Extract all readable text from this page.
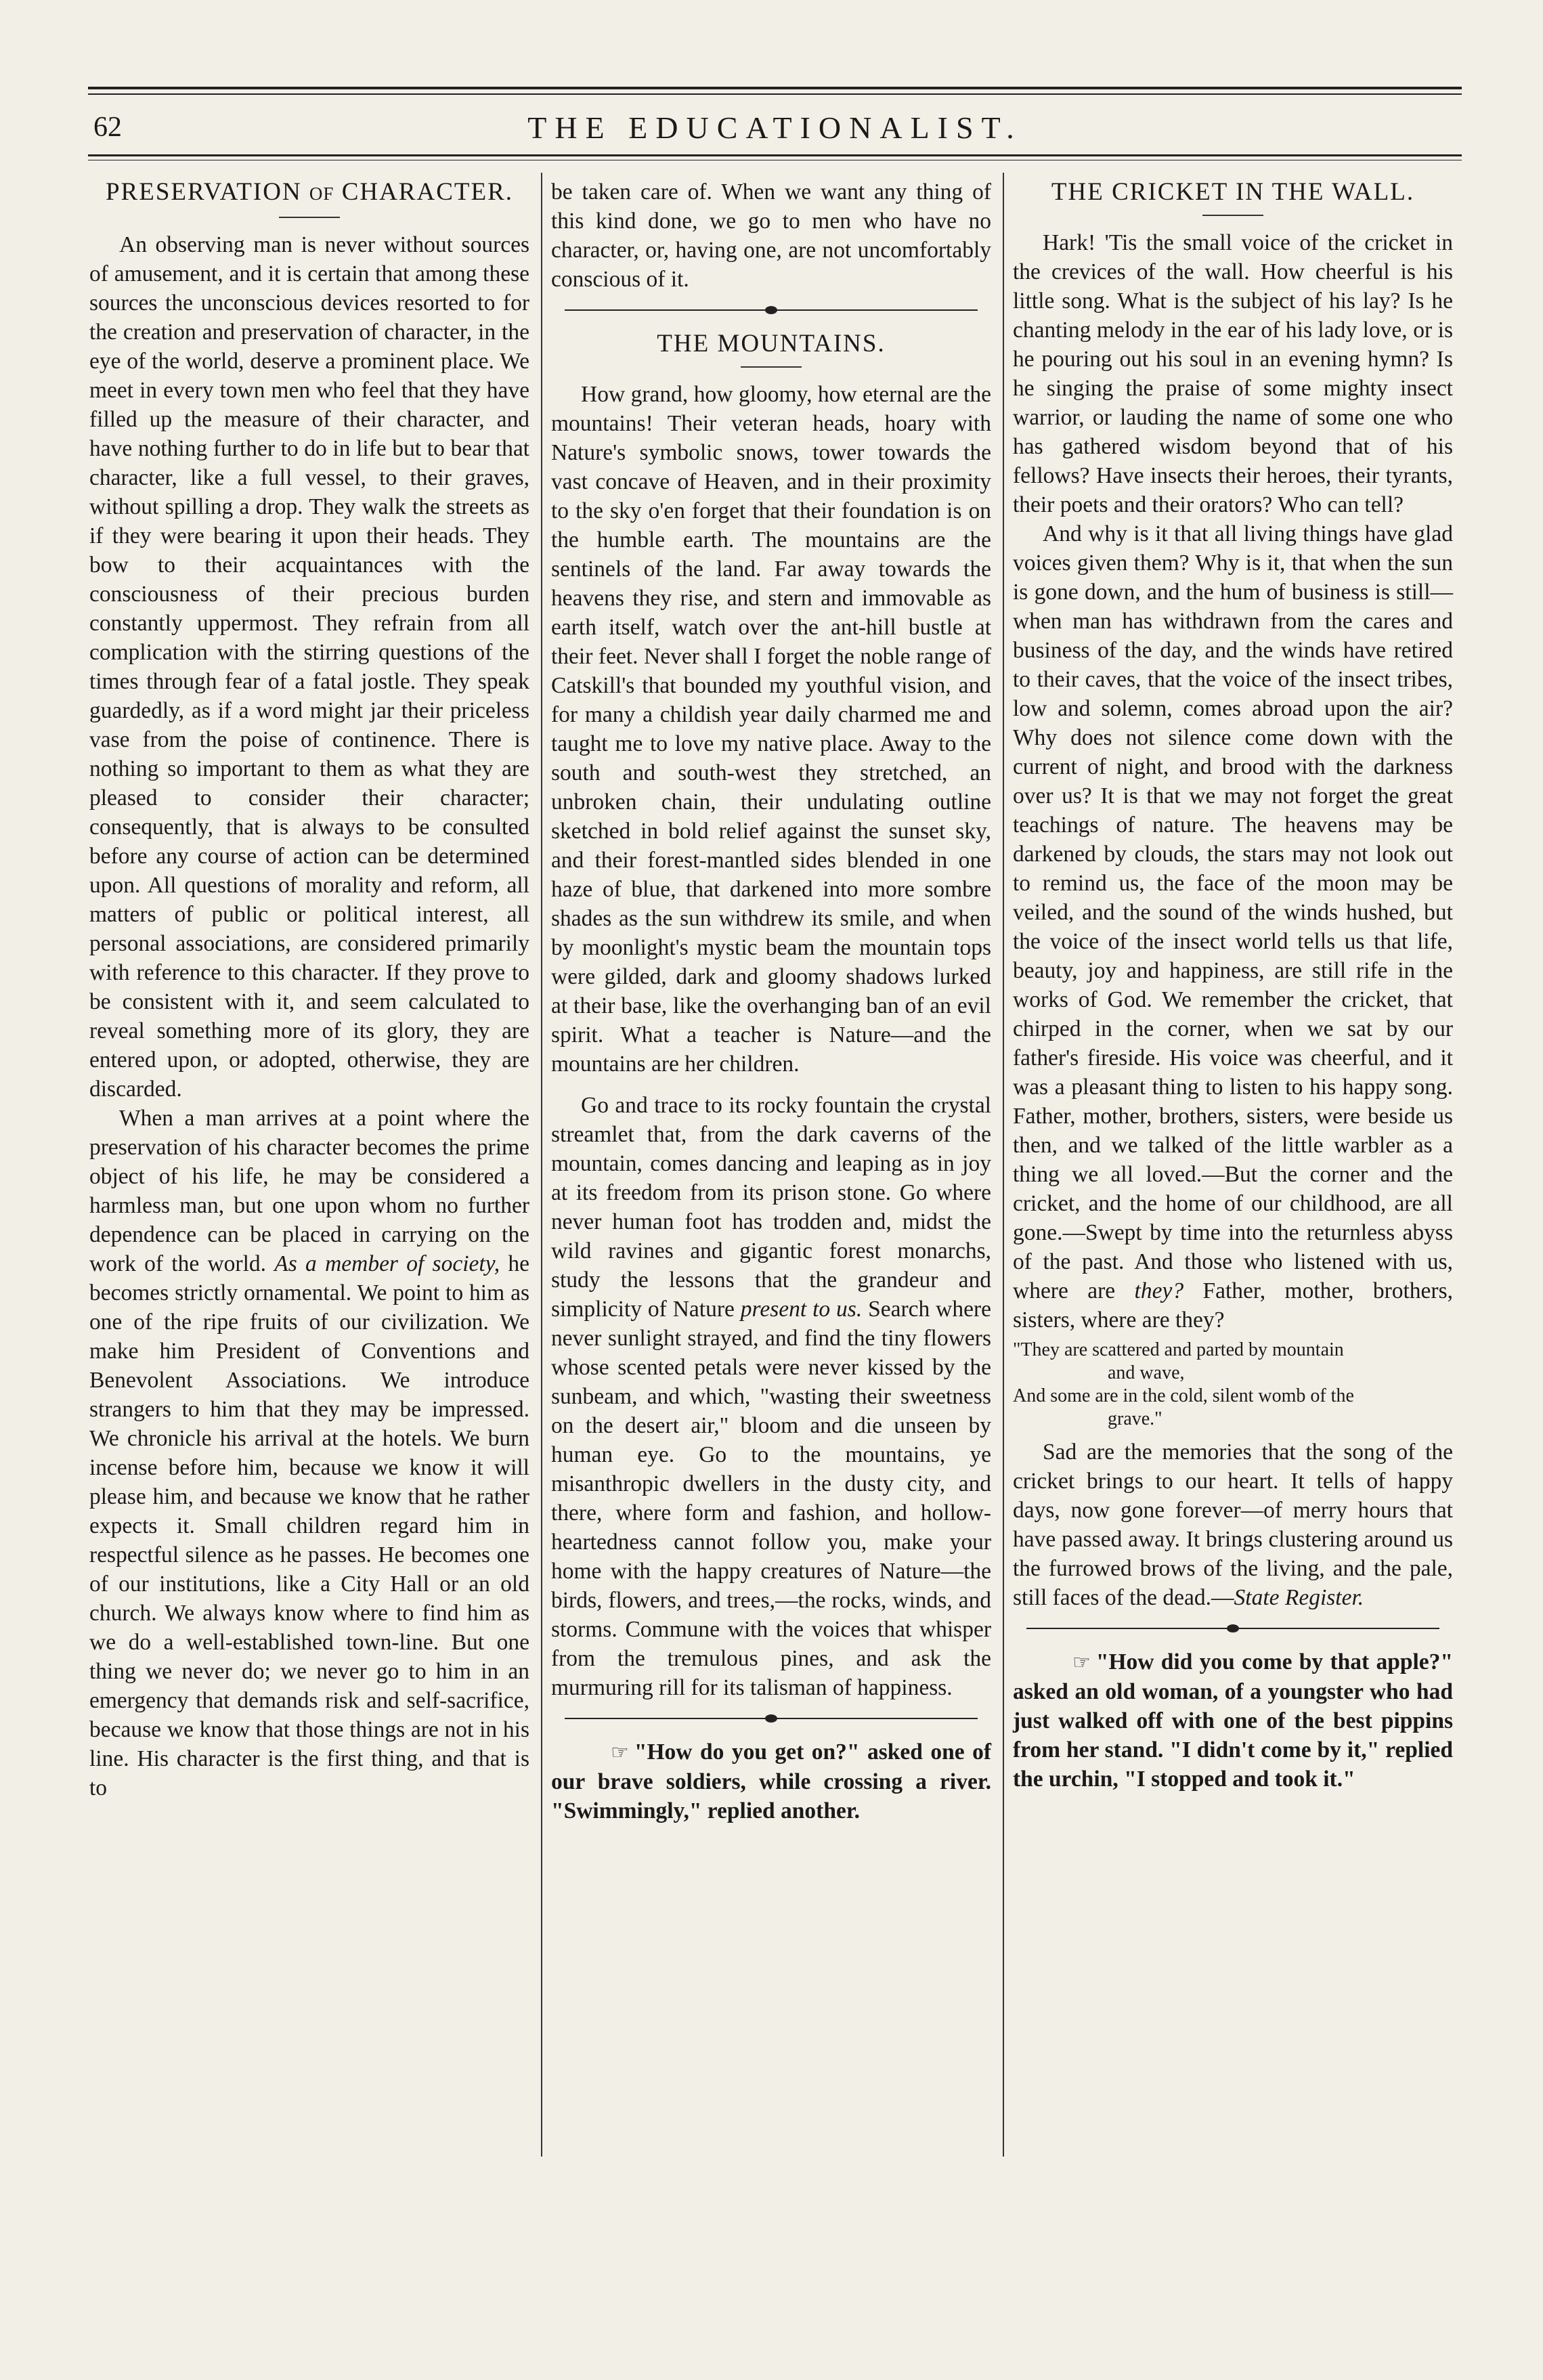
62	THE EDUCATIONALIST.
PRESERVATION OF CHARACTER.

An observing man is never without sources of amusement, and it is certain that among these sources the unconscious devices resorted to for the creation and preservation of character, in the eye of the world, deserve a prominent place. We meet in every town men who feel that they have filled up the measure of their character, and have nothing further to do in life but to bear that character, like a full vessel, to their graves, without spilling a drop. They walk the streets as if they were bearing it upon their heads. They bow to their acquaintances with the consciousness of their precious burden constantly uppermost. They refrain from all complication with the stirring questions of the times through fear of a fatal jostle. They speak guardedly, as if a word might jar their priceless vase from the poise of continence. There is nothing so important to them as what they are pleased to consider their character; consequently, that is always to be consulted before any course of action can be determined upon. All questions of morality and reform, all matters of public or political interest, all personal associations, are considered primarily with reference to this character. If they prove to be consistent with it, and seem calculated to reveal something more of its glory, they are entered upon, or adopted, otherwise, they are discarded.

When a man arrives at a point where the preservation of his character becomes the prime object of his life, he may be considered a harmless man, but one upon whom no further dependence can be placed in carrying on the work of the world. As a member of society, he becomes strictly ornamental. We point to him as one of the ripe fruits of our civilization. We make him President of Conventions and Benevolent Associations. We introduce strangers to him that they may be impressed. We chronicle his arrival at the hotels. We burn incense before him, because we know it will please him, and because we know that he rather expects it. Small children regard him in respectful silence as he passes. He becomes one of our institutions, like a City Hall or an old church. We always know where to find him as we do a well-established town-line. But one thing we never do; we never go to him in an emergency that demands risk and self-sacrifice, because we know that those things are not in his line. His character is the first thing, and that is to

be taken care of. When we want any thing of this kind done, we go to men who have no character, or, having one, are not uncomfortably conscious of it.

THE MOUNTAINS.

How grand, how gloomy, how eternal are the mountains! Their veteran heads, hoary with Nature's symbolic snows, tower towards the vast concave of Heaven, and in their proximity to the sky o'en forget that their foundation is on the humble earth. The mountains are the sentinels of the land. Far away towards the heavens they rise, and stern and immovable as earth itself, watch over the ant-hill bustle at their feet. Never shall I forget the noble range of Catskill's that bounded my youthful vision, and for many a childish year daily charmed me and taught me to love my native place. Away to the south and south-west they stretched, an unbroken chain, their undulating outline sketched in bold relief against the sunset sky, and their forest-mantled sides blended in one haze of blue, that darkened into more sombre shades as the sun withdrew its smile, and when by moonlight's mystic beam the mountain tops were gilded, dark and gloomy shadows lurked at their base, like the overhanging ban of an evil spirit. What a teacher is Nature—and the mountains are her children.

Go and trace to its rocky fountain the crystal streamlet that, from the dark caverns of the mountain, comes dancing and leaping as in joy at its freedom from its prison stone. Go where never human foot has trodden and, midst the wild ravines and gigantic forest monarchs, study the lessons that the grandeur and simplicity of Nature present to us. Search where never sunlight strayed, and find the tiny flowers whose scented petals were never kissed by the sunbeam, and which, "wasting their sweetness on the desert air," bloom and die unseen by human eye. Go to the mountains, ye misanthropic dwellers in the dusty city, and there, where form and fashion, and hollow-heartedness cannot follow you, make your home with the happy creatures of Nature—the birds, flowers, and trees,—the rocks, winds, and storms. Commune with the voices that whisper from the tremulous pines, and ask the murmuring rill for its talisman of happiness.

☞ "How do you get on?" asked one of our brave soldiers, while crossing a river. "Swimmingly," replied another.

THE CRICKET IN THE WALL.

Hark! 'Tis the small voice of the cricket in the crevices of the wall. How cheerful is his little song. What is the subject of his lay? Is he chanting melody in the ear of his lady love, or is he pouring out his soul in an evening hymn? Is he singing the praise of some mighty insect warrior, or lauding the name of some one who has gathered wisdom beyond that of his fellows? Have insects their heroes, their tyrants, their poets and their orators? Who can tell?

And why is it that all living things have glad voices given them? Why is it, that when the sun is gone down, and the hum of business is still—when man has withdrawn from the cares and business of the day, and the winds have retired to their caves, that the voice of the insect tribes, low and solemn, comes abroad upon the air? Why does not silence come down with the current of night, and brood with the darkness over us? It is that we may not forget the great teachings of nature. The heavens may be darkened by clouds, the stars may not look out to remind us, the face of the moon may be veiled, and the sound of the winds hushed, but the voice of the insect world tells us that life, beauty, joy and happiness, are still rife in the works of God. We remember the cricket, that chirped in the corner, when we sat by our father's fireside. His voice was cheerful, and it was a pleasant thing to listen to his happy song. Father, mother, brothers, sisters, were beside us then, and we talked of the little warbler as a thing we all loved.—But the corner and the cricket, and the home of our childhood, are all gone.—Swept by time into the returnless abyss of the past. And those who listened with us, where are they? Father, mother, brothers, sisters, where are they?

"They are scattered and parted by mountain
and wave,
And some are in the cold, silent womb of the
grave."

Sad are the memories that the song of the cricket brings to our heart. It tells of happy days, now gone forever—of merry hours that have passed away. It brings clustering around us the furrowed brows of the living, and the pale, still faces of the dead.—State Register.

☞ "How did you come by that apple?" asked an old woman, of a youngster who had just walked off with one of the best pippins from her stand. "I didn't come by it," replied the urchin, "I stopped and took it."
